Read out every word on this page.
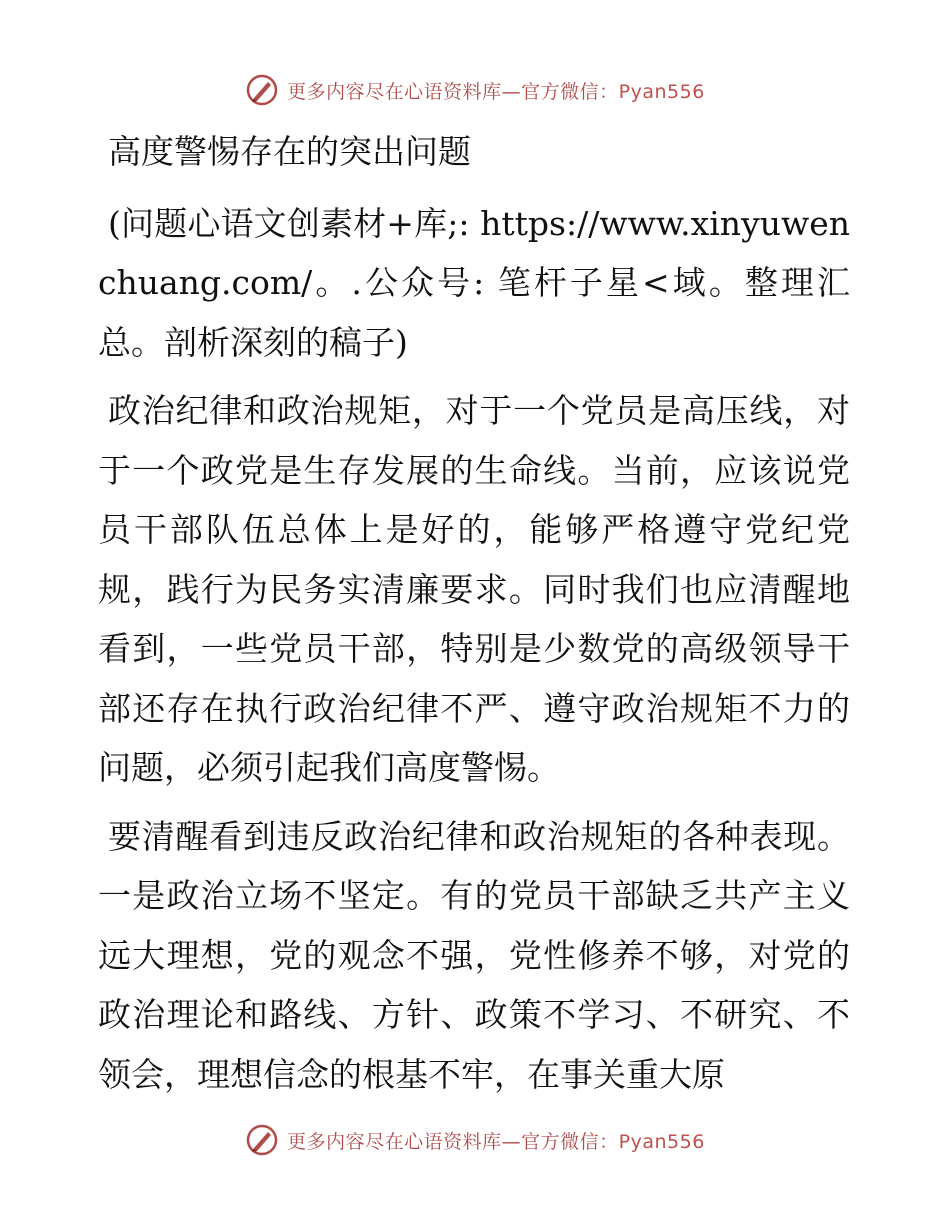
更多内容尽在心语资料库—官方微信：Pyan556

高度警惕存在的突出问题

(问题心语文创素材+库;: https://www.xinyuwenchuang.com/。.公众号: 笔杆子星<域。整理汇总。剖析深刻的稿子)

政治纪律和政治规矩，对于一个党员是高压线，对于一个政党是生存发展的生命线。当前，应该说党员干部队伍总体上是好的，能够严格遵守党纪党规，践行为民务实清廉要求。同时我们也应清醒地看到，一些党员干部，特别是少数党的高级领导干部还存在执行政治纪律不严、遵守政治规矩不力的问题，必须引起我们高度警惕。

要清醒看到违反政治纪律和政治规矩的各种表现。一是政治立场不坚定。有的党员干部缺乏共产主义远大理想，党的观念不强，党性修养不够，对党的政治理论和路线、方针、政策不学习、不研究、不领会，理想信念的根基不牢，在事关重大原

更多内容尽在心语资料库—官方微信：Pyan556
